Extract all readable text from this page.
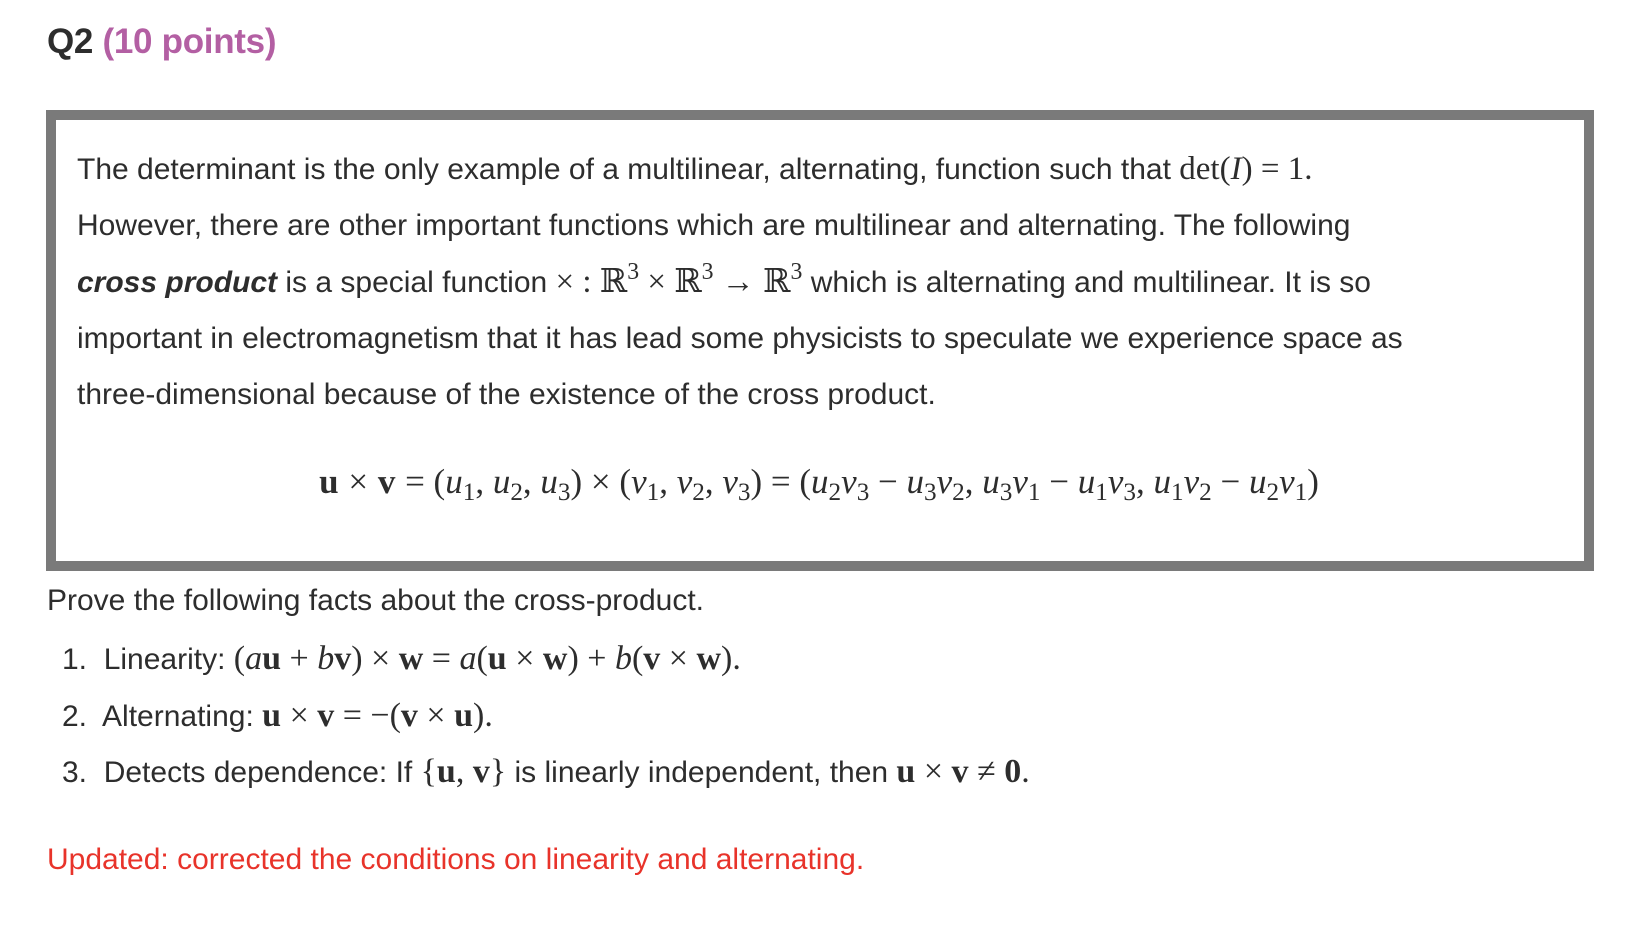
Q2 (10 points)
The determinant is the only example of a multilinear, alternating, function such that det(I) = 1.
However, there are other important functions which are multilinear and alternating. The following
cross product is a special function × : ℝ$^3$ × ℝ$^3$ → ℝ$^3$ which is alternating and multilinear. It is so
important in electromagnetism that it has lead some physicists to speculate we experience space as
three-dimensional because of the existence of the cross product.
$u \times v = (u_1$, $u_2$, $u_3) \times (v_1$, $v_2$, $v_3) = (u_2v_3 - u_3v_2$, $u_3v_1 - u_1v_3$, $u_1v_2 - u_2v_1$)
Prove the following facts about the cross-product.
1. Linearity: (au + bv) × w = a(u × w) + b(v × w).
2. Alternating: u × v = −(v × u).
3. Detects dependence: If {u, v} is linearly independent, then u × v ≠ 0.
Updated: corrected the conditions on linearity and alternating.
